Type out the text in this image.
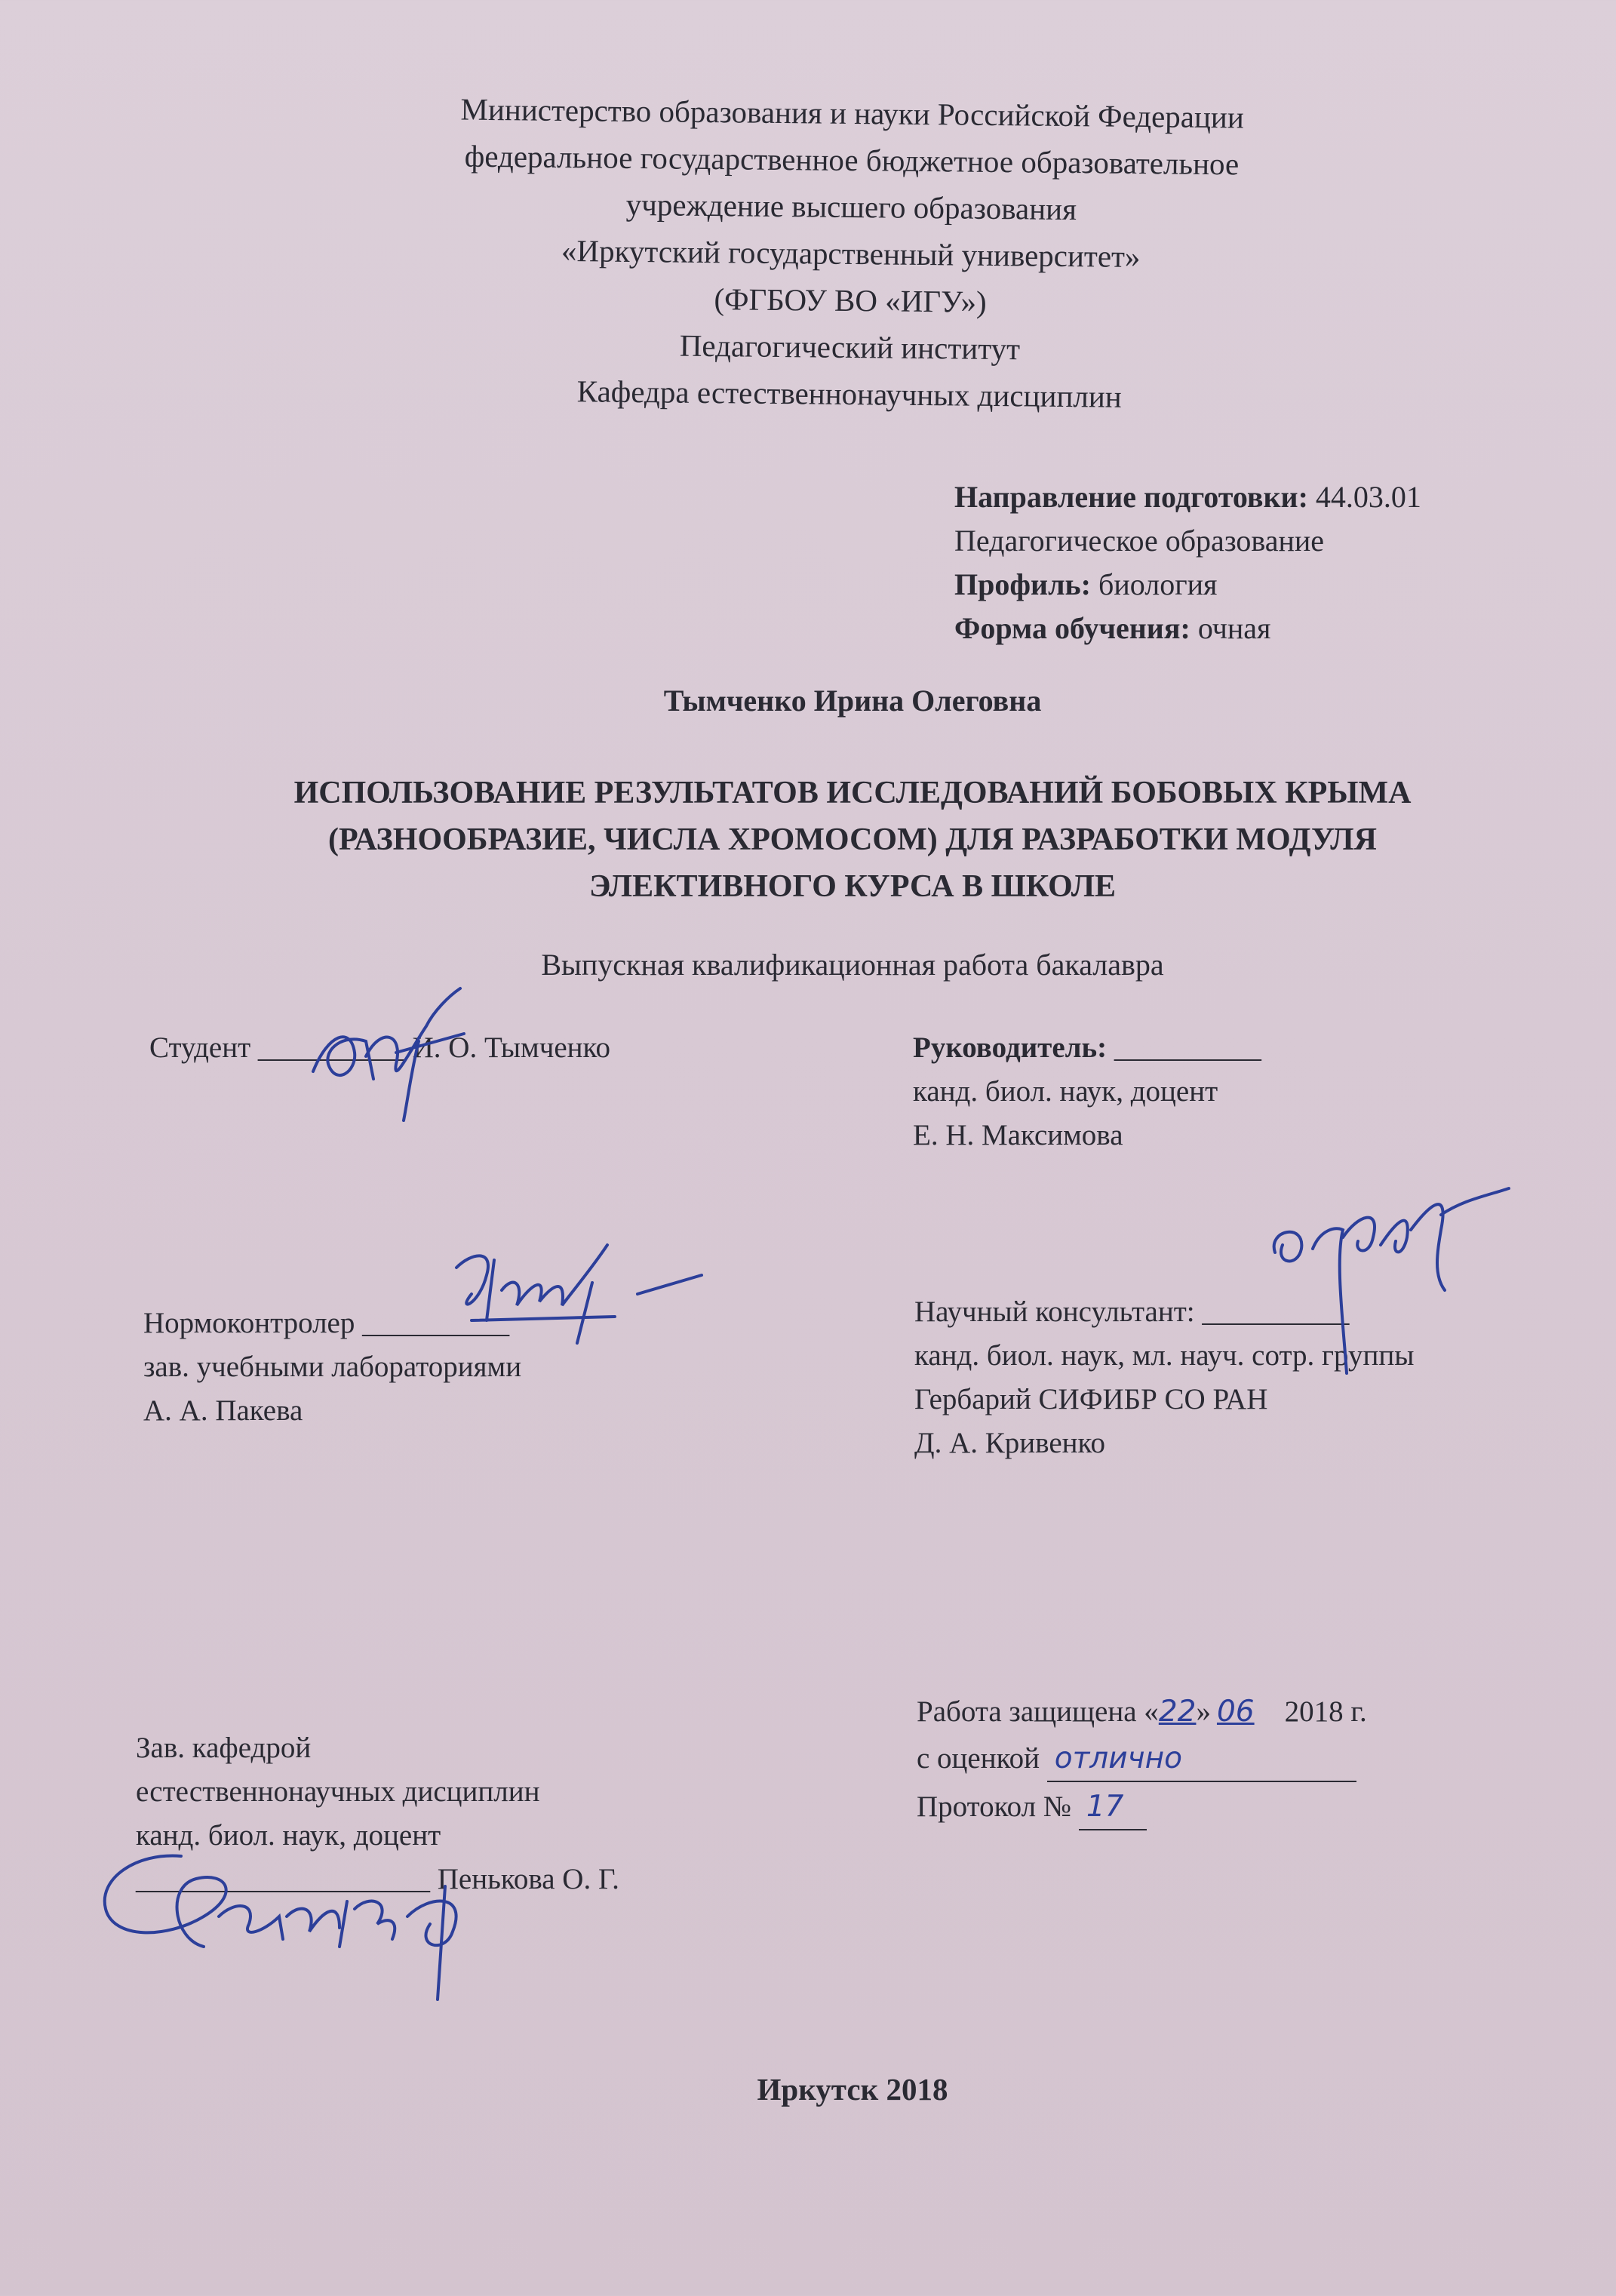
Министерство образования и науки Российской Федерации
федеральное государственное бюджетное образовательное
учреждение высшего образования
«Иркутский государственный университет»
(ФГБОУ ВО «ИГУ»)
Педагогический институт
Кафедра естественнонаучных дисциплин
Направление подготовки: 44.03.01
Педагогическое образование
Профиль: биология
Форма обучения: очная
Тымченко Ирина Олеговна
ИСПОЛЬЗОВАНИЕ РЕЗУЛЬТАТОВ ИССЛЕДОВАНИЙ БОБОВЫХ КРЫМА
(РАЗНООБРАЗИЕ, ЧИСЛА ХРОМОСОМ) ДЛЯ РАЗРАБОТКИ МОДУЛЯ
ЭЛЕКТИВНОГО КУРСА В ШКОЛЕ
Выпускная квалификационная работа бакалавра
Студент __________ И. О. Тымченко	Руководитель: __________
канд. биол. наук, доцент
Е. Н. Максимова
Нормоконтролер __________
зав. учебными лабораториями
А. А. Пакева
Научный консультант: __________
канд. биол. наук, мл. науч. сотр. группы
Гербарий СИФИБР СО РАН
Д. А. Кривенко
Зав. кафедрой
естественнонаучных дисциплин
канд. биол. наук, доцент
____________________ Пенькова О. Г.
Работа защищена «22» 06 2018 г.
с оценкой отлично
Протокол № 17
Иркутск 2018
